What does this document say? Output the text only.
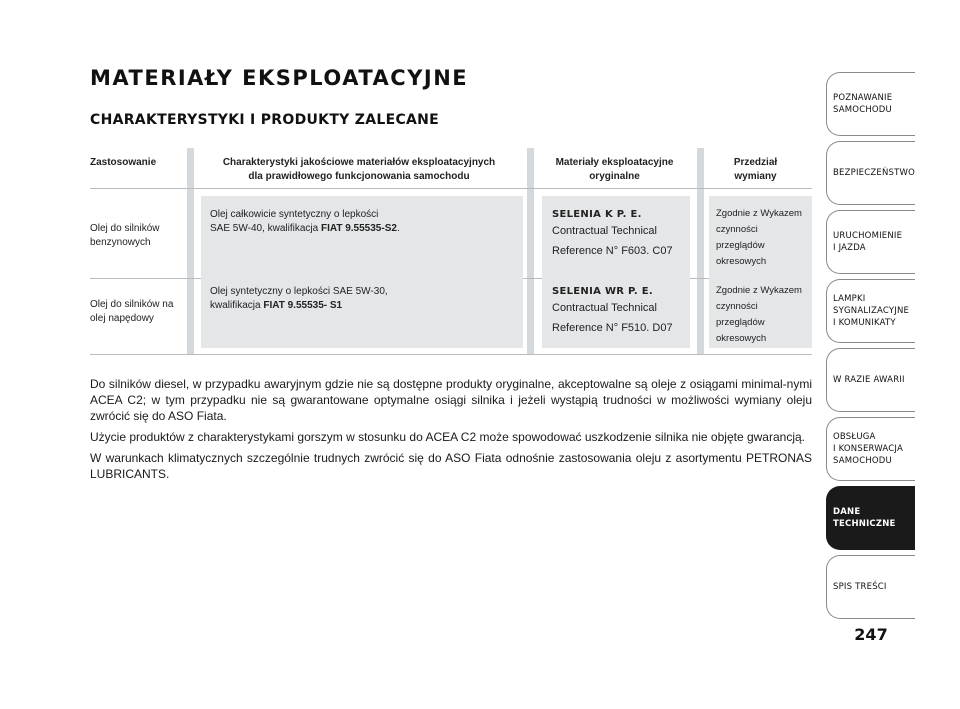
MATERIAŁY EKSPLOATACYJNE
CHARAKTERYSTYKI I PRODUKTY ZALECANE
Zastosowanie	Charakterystyki jakościowe materiałów eksploatacyjnych
dla prawidłowego funkcjonowania samochodu
Materiały eksploatacyjne
oryginalne
Przedział
wymiany
Olej do silników
benzynowych
Olej całkowicie syntetyczny o lepkości
SAE 5W-40, kwalifikacja FIAT 9.55535-S2.
SELENIA K P. E.
Contractual Technical
Reference N° F603. C07
Zgodnie z Wykazem
czynności
przeglądów
okresowych
Olej do silników na
olej napędowy
Olej syntetyczny o lepkości SAE 5W-30,
kwalifikacja FIAT 9.55535- S1
SELENIA WR P. E.
Contractual Technical
Reference N° F510. D07
Zgodnie z Wykazem
czynności
przeglądów
okresowych

Do silników diesel, w przypadku awaryjnym gdzie nie są dostępne produkty oryginalne, akceptowalne są oleje z osiągami minimal-nymi ACEA C2; w tym przypadku nie są gwarantowane optymalne osiągi silnika i jeżeli wystąpią trudności w możliwości wymiany oleju zwrócić się do ASO Fiata.

Użycie produktów z charakterystykami gorszym w stosunku do ACEA C2 może spowodować uszkodzenie silnika nie objęte gwarancją.

W warunkach klimatycznych szczególnie trudnych zwrócić się do ASO Fiata odnośnie zastosowania oleju z asortymentu PETRONAS LUBRICANTS.

POZNAWANIE
SAMOCHODU
BEZPIECZEŃSTWO
URUCHOMIENIE
I JAZDA
LAMPKI
SYGNALIZACYJNE
I KOMUNIKATY
W RAZIE AWARII
OBSŁUGA
I KONSERWACJA
SAMOCHODU
DANE
TECHNICZNE
SPIS TREŚCI
247
